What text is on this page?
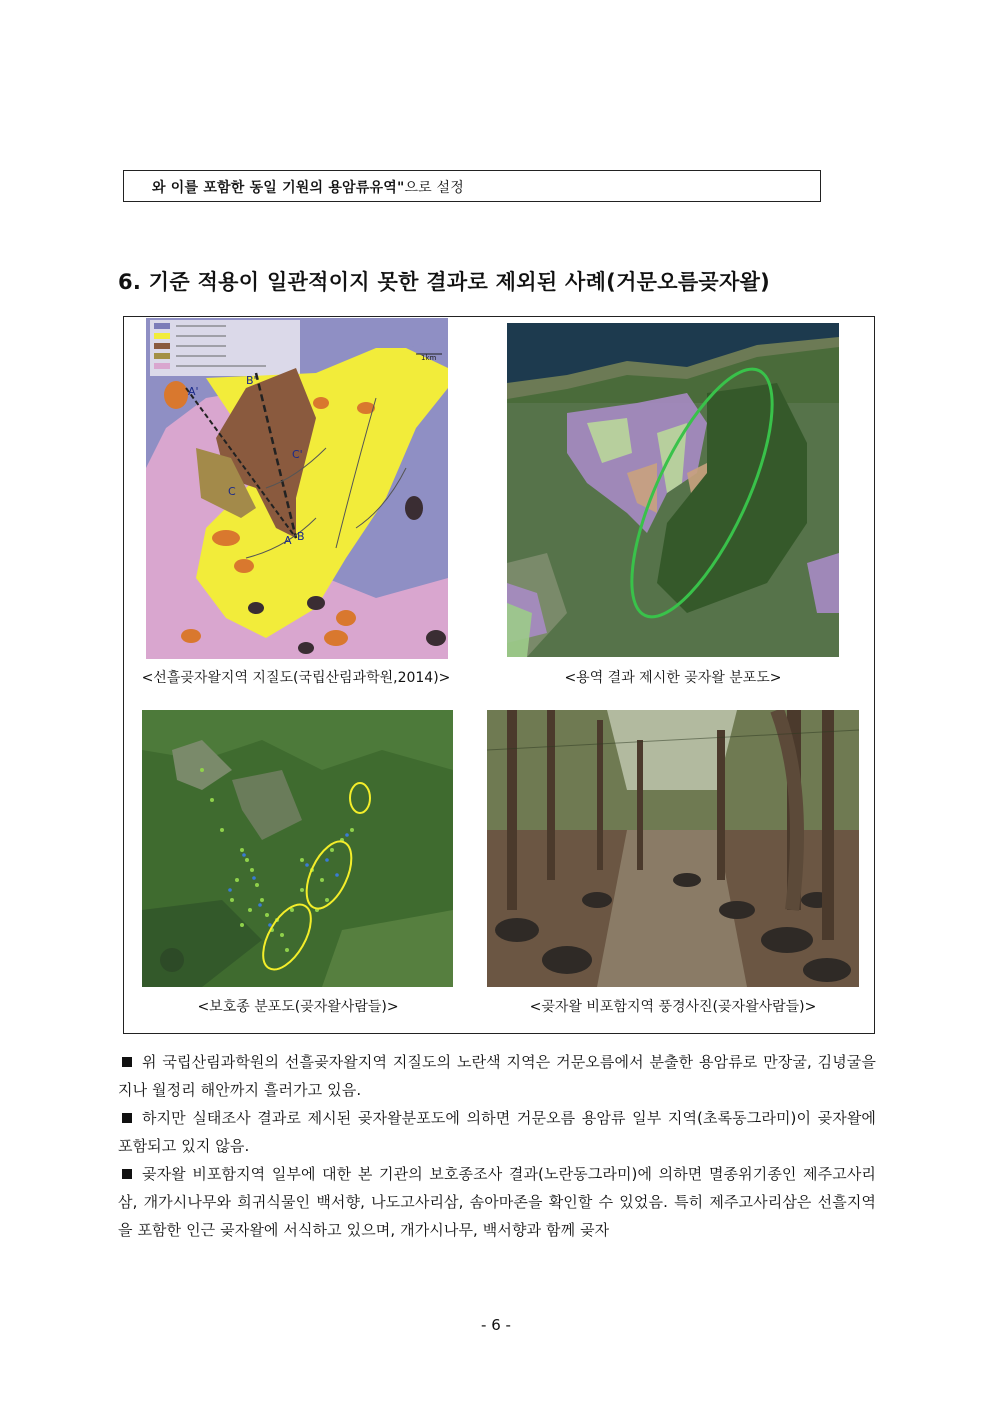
와 이를 포함한 동일 기원의 용암류유역"으로 설정
6. 기준 적용이 일관적이지 못한 결과로 제외된 사례(거문오름곶자왈)
A'
B'
C'
C
A B
1km
<선흘곶자왈지역 지질도(국립산림과학원,2014)>	<용역 결과 제시한 곶자왈 분포도>
<보호종 분포도(곶자왈사람들)>	<곶자왈 비포함지역 풍경사진(곶자왈사람들)>
위 국립산림과학원의 선흘곶자왈지역 지질도의 노란색 지역은 거문오름에서 분출한 용암류로 만장굴, 김녕굴을 지나 월정리 해안까지 흘러가고 있음.
하지만 실태조사 결과로 제시된 곶자왈분포도에 의하면 거문오름 용암류 일부 지역(초록동그라미)이 곶자왈에 포함되고 있지 않음.
곶자왈 비포함지역 일부에 대한 본 기관의 보호종조사 결과(노란동그라미)에 의하면 멸종위기종인 제주고사리삼, 개가시나무와 희귀식물인 백서향, 나도고사리삼, 솜아마존을 확인할 수 있었음. 특히 제주고사리삼은 선흘지역을 포함한 인근 곶자왈에 서식하고 있으며, 개가시나무, 백서향과 함께 곶자
- 6 -
